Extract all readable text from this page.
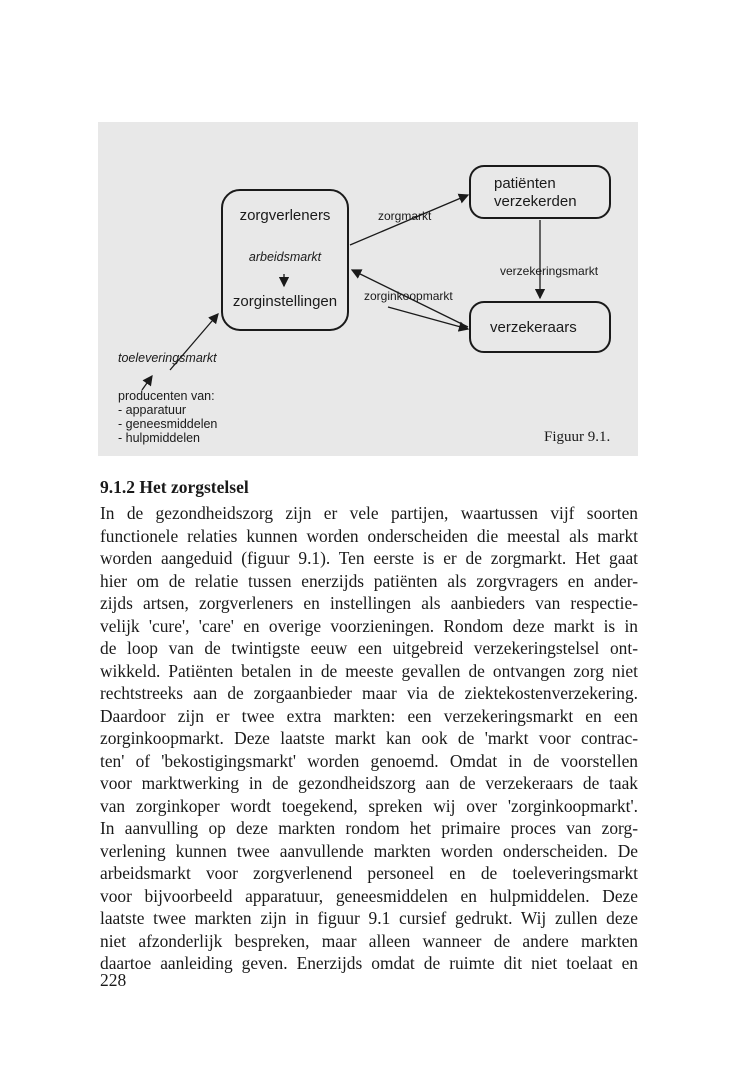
zorgverleners
arbeidsmarkt
zorginstellingen
zorgmarkt
zorginkoopmarkt
patiënten
verzekerden
verzekeringsmarkt
verzekeraars
toeleveringsmarkt
producenten van:
- apparatuur
- geneesmiddelen
- hulpmiddelen	Figuur 9.1.
9.1.2 Het zorgstelsel
In de gezondheidszorg zijn er vele partijen, waartussen vijf soorten
functionele relaties kunnen worden onderscheiden die meestal als markt
worden aangeduid (figuur 9.1). Ten eerste is er de zorgmarkt. Het gaat
hier om de relatie tussen enerzijds patiënten als zorgvragers en ander-
zijds artsen, zorgverleners en instellingen als aanbieders van respectie-
velijk 'cure', 'care' en overige voorzieningen. Rondom deze markt is in
de loop van de twintigste eeuw een uitgebreid verzekeringstelsel ont-
wikkeld. Patiënten betalen in de meeste gevallen de ontvangen zorg niet
rechtstreeks aan de zorgaanbieder maar via de ziektekostenverzekering.
Daardoor zijn er twee extra markten: een verzekeringsmarkt en een
zorginkoopmarkt. Deze laatste markt kan ook de 'markt voor contrac-
ten' of 'bekostigingsmarkt' worden genoemd. Omdat in de voorstellen
voor marktwerking in de gezondheidszorg aan de verzekeraars de taak
van zorginkoper wordt toegekend, spreken wij over 'zorginkoopmarkt'.
In aanvulling op deze markten rondom het primaire proces van zorg-
verlening kunnen twee aanvullende markten worden onderscheiden. De
arbeidsmarkt voor zorgverlenend personeel en de toeleveringsmarkt
voor bijvoorbeeld apparatuur, geneesmiddelen en hulpmiddelen. Deze
laatste twee markten zijn in figuur 9.1 cursief gedrukt. Wij zullen deze
niet afzonderlijk bespreken, maar alleen wanneer de andere markten
daartoe aanleiding geven. Enerzijds omdat de ruimte dit niet toelaat en
228
